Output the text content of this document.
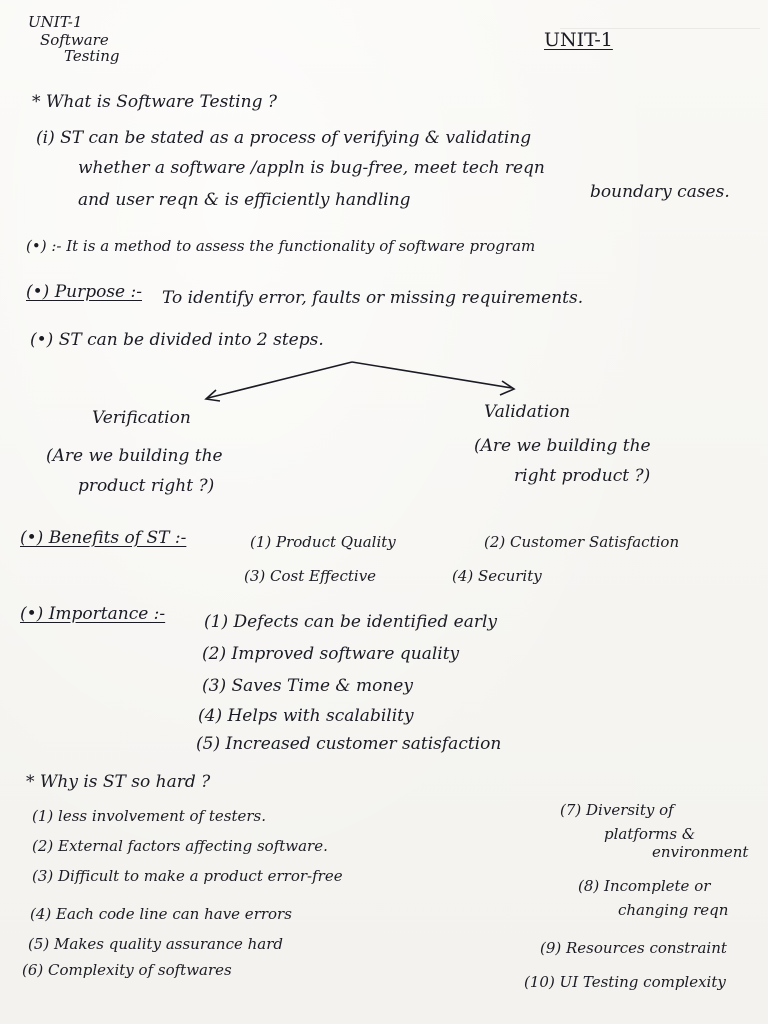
UNIT-1
Software
Testing
UNIT-1
* What is Software Testing ?
(i) ST can be stated as a process of verifying & validating
whether a software /appln is bug-free, meet tech reqn
and user reqn & is efficiently handling	boundary cases.
(•) :- It is a method to assess the functionality of software program
(•) Purpose :- To identify error, faults or missing requirements.
(•) ST can be divided into 2 steps.
Verification
(Are we building the
product right ?)
Validation
(Are we building the
right product ?)
(•) Benefits of ST :-	(1) Product Quality	(2) Customer Satisfaction
(3) Cost Effective	(4) Security
(•) Importance :- (1) Defects can be identified early
(2) Improved software quality
(3) Saves Time & money
(4) Helps with scalability
(5) Increased customer satisfaction
* Why is ST so hard ?
(1) less involvement of testers.
(2) External factors affecting software.
(3) Difficult to make a product error-free
(4) Each code line can have errors
(5) Makes quality assurance hard
(6) Complexity of softwares
(7) Diversity of
platforms &
environment
(8) Incomplete or
changing reqn
(9) Resources constraint
(10) UI Testing complexity
